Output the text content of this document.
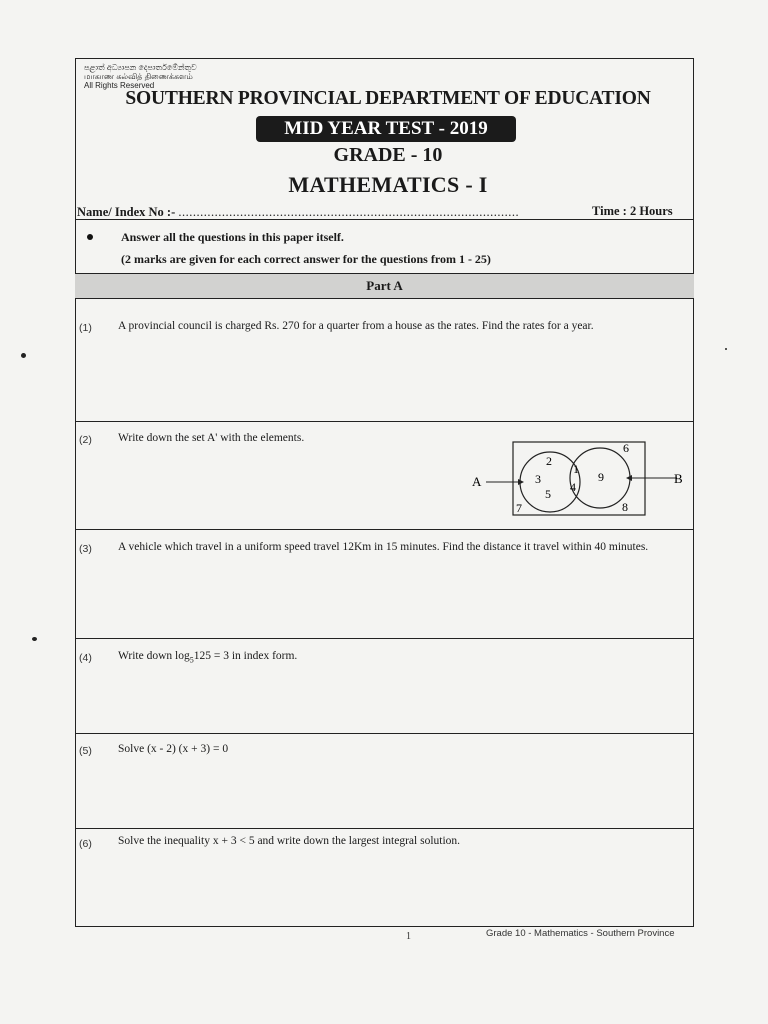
පළාත් අධ්‍යාපන දෙපාර්තමේන්තුව
மாகாண கல்வித் திணைக்களம்
All Rights Reserved
SOUTHERN PROVINCIAL DEPARTMENT OF EDUCATION
MID YEAR TEST - 2019
GRADE - 10
MATHEMATICS - I
Name/ Index No :- ..............................................................................................	Time : 2 Hours
Answer all the questions in this paper itself.
(2 marks are given for each correct answer for the questions from 1 - 25)
Part A
(1) A provincial council is charged Rs. 270 for a quarter from a house as the rates. Find the rates for a year.
(2) Write down the set A' with the elements.
A	B
2
3
5
1
4
9
6
7	8
(3) A vehicle which travel in a uniform speed travel 12Km in 15 minutes. Find the distance it travel within 40 minutes.
(4) Write down $\log_5125 = 3$ in index form.
(5) Solve (x - 2) (x + 3) = 0
(6) Solve the inequality x + 3 < 5 and write down the largest integral solution.
1	Grade 10 - Mathematics - Southern Province
